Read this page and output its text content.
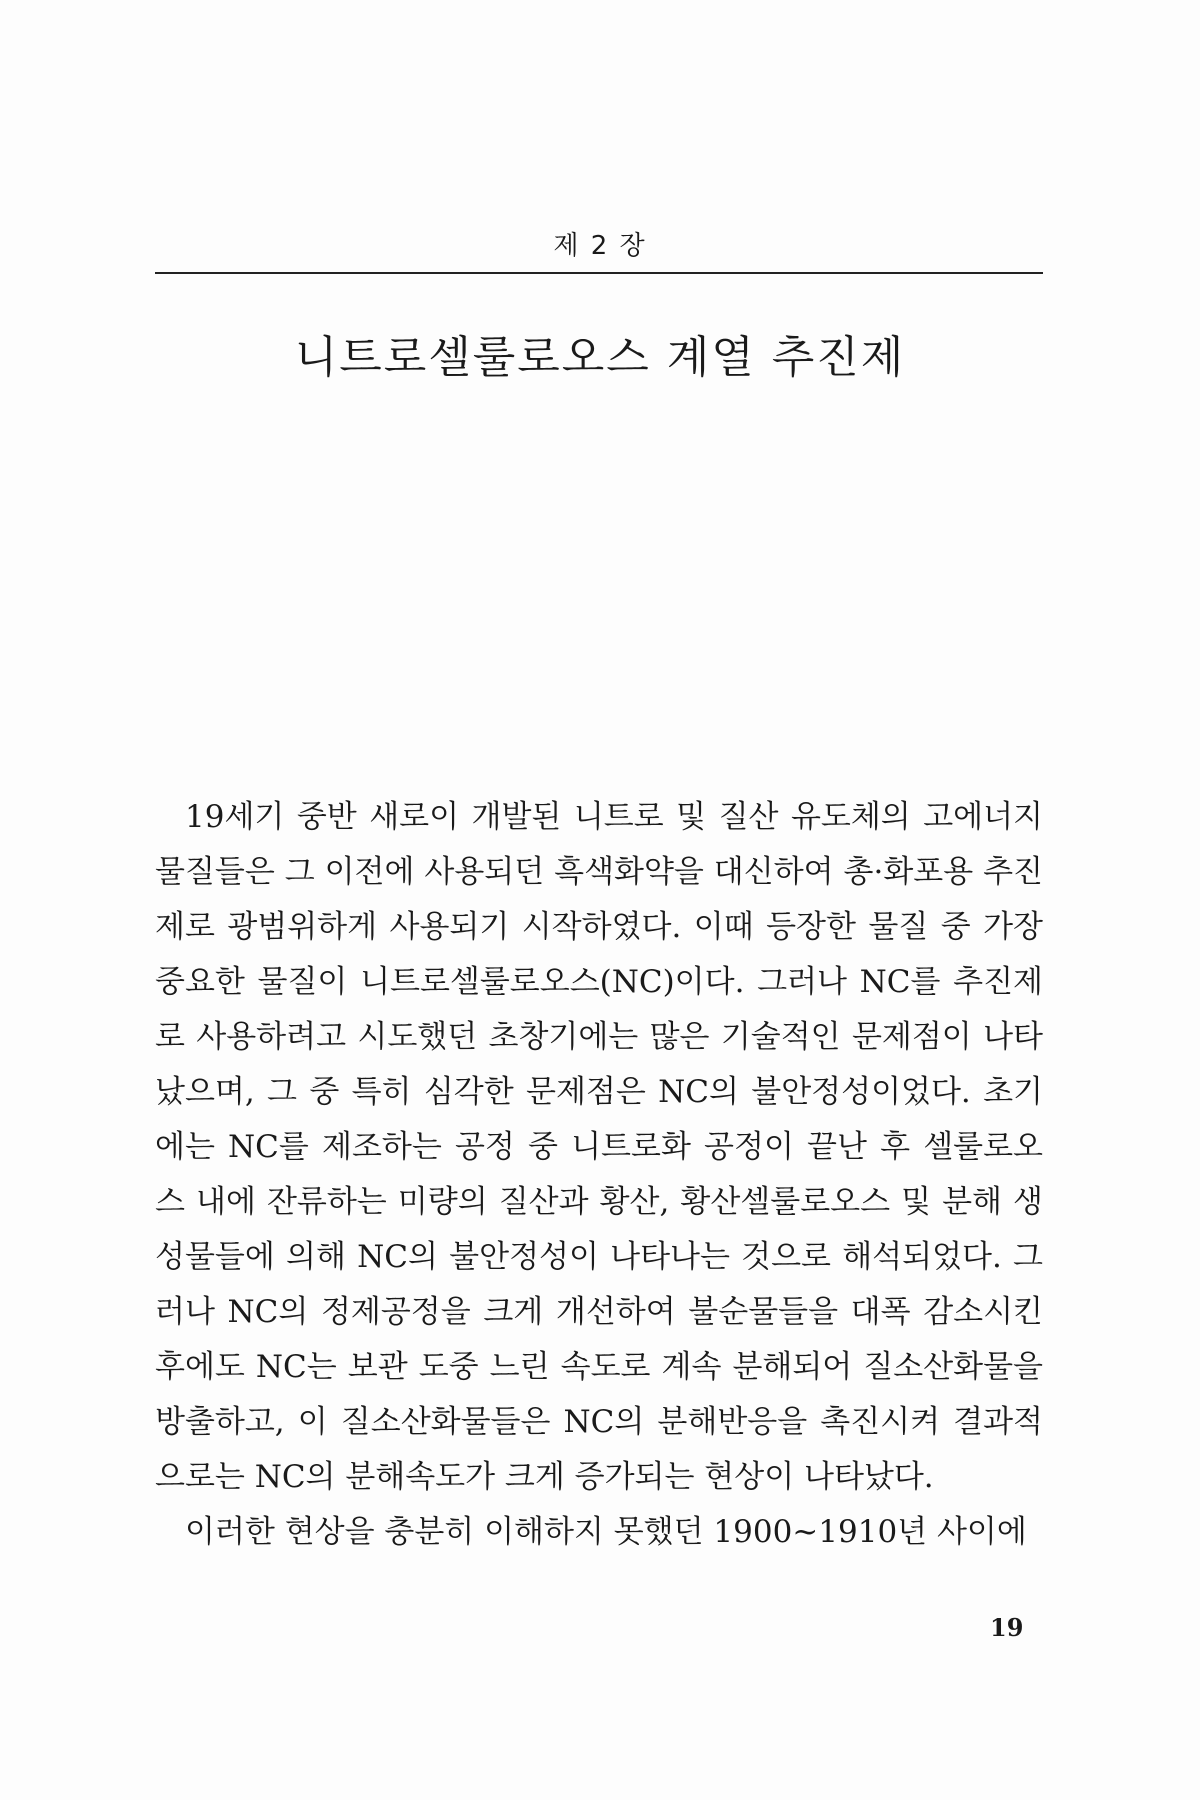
제 2 장
니트로셀룰로오스 계열 추진제

19세기 중반 새로이 개발된 니트로 및 질산 유도체의 고에너지 물질들은 그 이전에 사용되던 흑색화약을 대신하여 총·화포용 추진제로 광범위하게 사용되기 시작하였다. 이때 등장한 물질 중 가장 중요한 물질이 니트로셀룰로오스(NC)이다. 그러나 NC를 추진제로 사용하려고 시도했던 초창기에는 많은 기술적인 문제점이 나타났으며, 그 중 특히 심각한 문제점은 NC의 불안정성이었다. 초기에는 NC를 제조하는 공정 중 니트로화 공정이 끝난 후 셀룰로오스 내에 잔류하는 미량의 질산과 황산, 황산셀룰로오스 및 분해 생성물들에 의해 NC의 불안정성이 나타나는 것으로 해석되었다. 그러나 NC의 정제공정을 크게 개선하여 불순물들을 대폭 감소시킨 후에도 NC는 보관 도중 느린 속도로 계속 분해되어 질소산화물을 방출하고, 이 질소산화물들은 NC의 분해반응을 촉진시켜 결과적으로는 NC의 분해속도가 크게 증가되는 현상이 나타났다.

이러한 현상을 충분히 이해하지 못했던 1900~1910년 사이에

19
